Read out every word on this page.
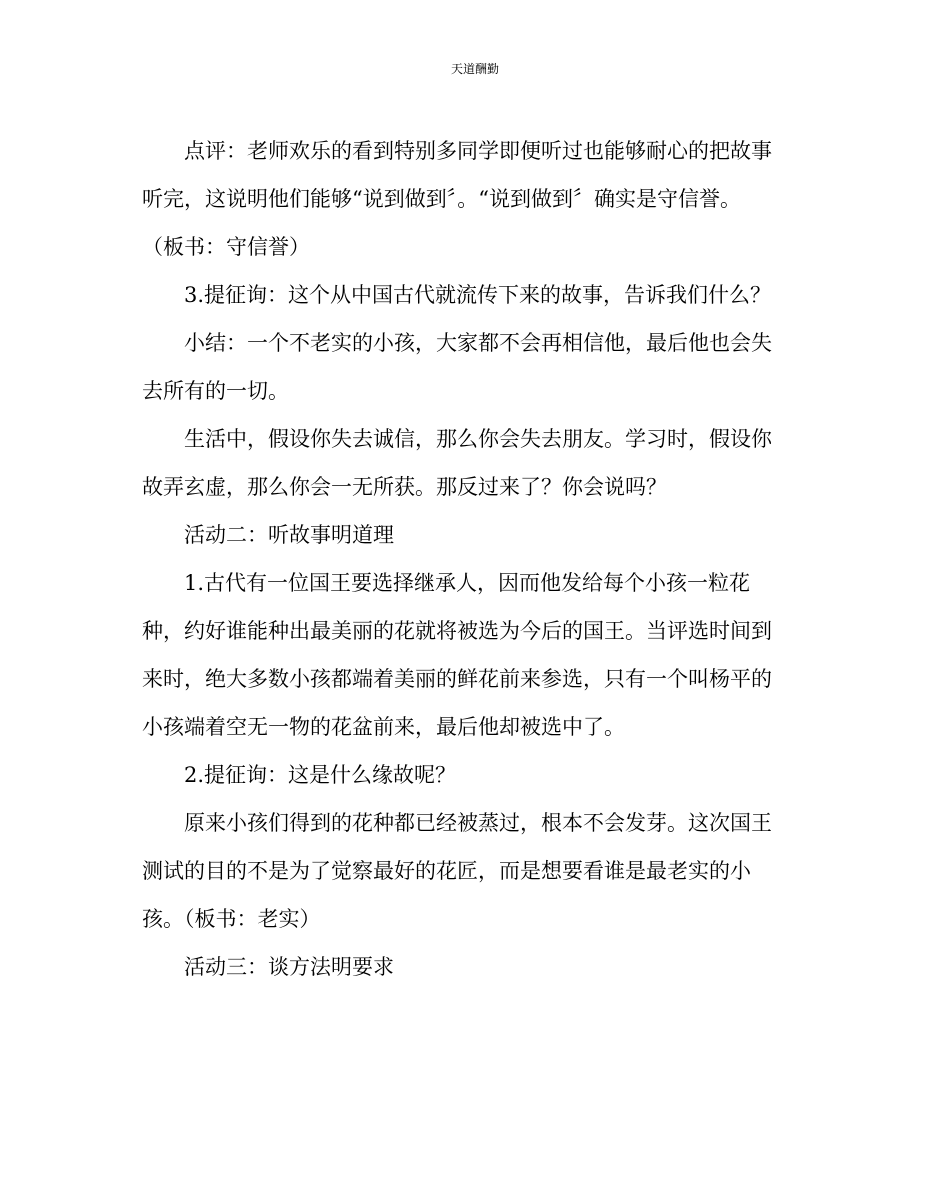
天道酬勤
点评：老师欢乐的看到特别多同学即便听过也能够耐心的把故事
听完，这说明他们能够“说到做到〞。“说到做到〞确实是守信誉。
（板书：守信誉）
3.提征询：这个从中国古代就流传下来的故事，告诉我们什么？
小结：一个不老实的小孩，大家都不会再相信他，最后他也会失
去所有的一切。
生活中，假设你失去诚信，那么你会失去朋友。学习时，假设你
故弄玄虚，那么你会一无所获。那反过来了？你会说吗？
活动二：听故事明道理
1.古代有一位国王要选择继承人，因而他发给每个小孩一粒花
种，约好谁能种出最美丽的花就将被选为今后的国王。当评选时间到
来时，绝大多数小孩都端着美丽的鲜花前来参选，只有一个叫杨平的
小孩端着空无一物的花盆前来，最后他却被选中了。
2.提征询：这是什么缘故呢？
原来小孩们得到的花种都已经被蒸过，根本不会发芽。这次国王
测试的目的不是为了觉察最好的花匠，而是想要看谁是最老实的小
孩。（板书：老实）
活动三：谈方法明要求
